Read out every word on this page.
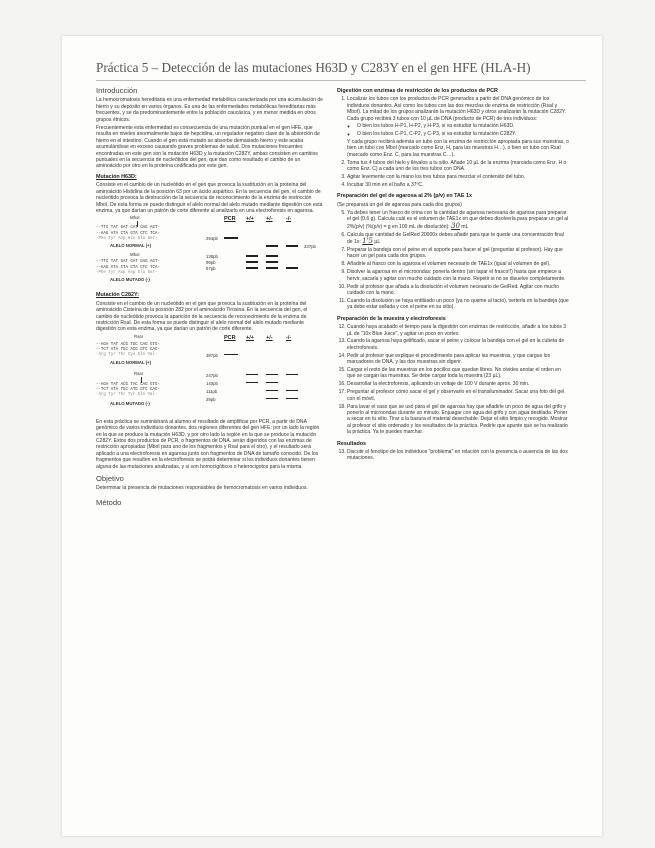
Práctica 5 – Detección de las mutaciones H63D y C283Y en el gen HFE (HLA-H)
Introducción

La hemocromatosis hereditaria es una enfermedad metabólica caracterizada por una acumulación de hierro y su depósito en varios órganos. Es una de las enfermedades metabólicas hereditarias más frecuentes, y se da predominantemente entre la población caucásica, y en menor medida en otros grupos étnicos.

Frecuentemente esta enfermedad es consecuencia de una mutación puntual en el gen HFE, que resulta en niveles anormalmente bajos de hepcidina, un regulador negativo clave de la absorción de hierro en el intestino. Cuando el gen está mutado se absorbe demasiado hierro y este acaba acumulándose en exceso causando graves problemas de salud. Dos mutaciones frecuentes encontradas en este gen son la mutación H63D y la mutación C282Y, ambas consisten en cambios puntuales en la secuencia de nucleótidos del gen, que dan como resultado el cambio de un aminoácido por otro en la proteína codificada por este gen.

Mutación H63D:

Consiste en el cambio de un nucleótido en el gen que provoca la sustitución en la proteína del aminoácido Histidina de la posición 63 por un ácido aspártico. En la secuencia del gen, el cambio de nucleótido provoca la destrucción de la secuencia de reconocimiento de la enzima de restricción MboI. De esta forma se puede distinguir el alelo normal del alelo mutado mediante digestión con esta enzima, ya que darían un patrón de corte diferente al analizarlo en una electroforesis en agarosa.

MboI
--TTC TAT GAT CAT GAG AGT-
--AAG ATA CTA GTA CTC TCA-
-Phe Tyr Asp His Glu Ser-
ALELO NORMAL (+)
MboI
--TTC TAT GAT GAT GAG AGT-
--AAG ATA CTA CTA CTC TCA-
-Phe Tyr Asp Asp Glu Ser-
ALELO MUTADO (-)
PCR +/+ +/- -/-
294pb
237pb
138pb
99pb
57pb
Mutación C282Y:

Consiste en el cambio de un nucleótido en el gen que provoca la sustitución en la proteína del aminoácido Cisteína de la posición 282 por el aminoácido Tirosina. En la secuencia del gen, el cambio de nucleótido provoca la aparición de la secuencia de reconocimiento de la enzima de restricción RsaI. De esta forma se puede distinguir el alelo normal del alelo mutado mediante digestión con esta enzima, ya que darían un patrón de corte diferente.

RsaI
--AGA TAT ACG TGC CAG GTG-
--TCT ATA TGC ACG GTC CAC-
-Arg Tyr Thr Cys Gln Val-
ALELO NORMAL (+)
RsaI
--AGA TAT ACG TAC CAG GTG-
--TCT ATA TGC ATG GTC CAC-
-Arg Tyr Thr Tyr Gln Val-
ALELO MUTADO (-)
PCR +/+ +/- -/-
387pb
247pb
140pb
111pb
29pb

En esta práctica se suministrará al alumno el resultado de amplificar por PCR, a partir de DNA genómico de varios individuos donantes, dos regiones diferentes del gen HFE: por un lado la región en la que se produce la mutación H63D, y por otro lado la región en la que se produce la mutación C282Y. Estos dos productos de PCR, o fragmentos de DNA, serán digeridos con las enzimas de restricción apropiadas (MboI para uno de los fragmentos y RsaI para el otro), y el resultado será aplicado a una electroforesis en agarosa junto con fragmentos de DNA de tamaño conocido. De los fragmentos que resulten en la electroforesis se podrá determinar si los individuos donantes tienen alguna de las mutaciones analizadas, y si son homocigóticos o heterocigotos para la misma.

Objetivo

Determinar la presencia de mutaciones responsables de hemocromatosis en varios individuos.

Método
Digestión con enzimas de restricción de los productos de PCR
1. Localizar los tubos con los productos de PCR generados a partir del DNA genómico de los individuos donantes. Así como los tubos con las dos mezclas de enzima de restricción (RsaI y MboI). La mitad de los grupos analizarán la mutación H63D y otros analizarán la mutación C282Y. Cada grupo recibirá 3 tubos con 10 µL de DNA (producto de PCR) de tres individuos:
◦ O bien los tubos H-P1, H-P2, y H-P3, si va estudiar la mutación H63D.
◦ O bien los tubos C-P1, C-P2, y C-P3, si va estudiar la mutación C282Y.
Y cada grupo recibirá además un tubo con la enzima de restricción apropiada para sus muestras, o bien un tubo con MboI (marcado como Enz. H, para las muestras H…), o bien un tubo con RsaI (marcado como Enz. C, para las muestras C…).
2. Toma tus 4 tubos del hielo y llévalos a tu sitio. Añade 10 µL de la enzima (marcada como Enz. H o como Enz. C) a cada uno de los tres tubos con DNA.
3. Agitar levemente con la mano los tres tubos para mezclar el contenido del tubo.
4. Incubar 30 min en el baño a 37ºC.
Preparación del gel de agarosa al 2% (p/v) en TAE 1x

(Se preparará un gel de agarosa para cada dos grupos)

5. Ya debes tener un frasco de orina con la cantidad de agarosa necesaria de agarosa para preparar el gel (0.6 g). Calcula cuál es el volumen de TAE1x en que debes disolverla para preparar un gel al 2%(p/v) (%(p/v) = g en 100 mL de disolución): 30 mL
6. Calcula que cantidad de GelRed 20000x debes añadir para que te quede una concentración final de 1x: 1'5 µL
7. Preparar la bandeja con el peine en el soporte para hacer el gel (preguntar al profesor). Hay que hacer un gel para cada dos grupos.
8. Añadirle al frasco con la agarosa el volumen necesario de TAE1x (igual al volumen de gel).
9. Disolver la agarosa en el microondas: ponerla dentro (sin tapar el frasco!!) hasta que empiece a hervir, sacarla y agitar con mucho cuidado con la mano. Repetir si no se disuelve completamente.
10. Pedir al profesor que añada a la disolución el volumen necesario de GelRed. Agitar con mucho cuidado con la mano.
11. Cuando la disolución se haya entibiado un poco (ya no queme al tacto), verterla en la bandeja (que ya debe estar sellada y con el peine en su sitio).
Preparación de la muestra y electroforesis
12. Cuando haya acabado el tiempo para la digestión con enzimas de restricción, añadir a los tubos 3 µL de "10x Blue Juice", y agitar un poco en vortex.
13. Cuando la agarosa haya gelificado, sacar el peine y colocar la bandeja con el gel en la cubeta de electroforesis.
14. Pedir al profesor que explique el procedimiento para aplicar las muestras, y que cargue los marcadores de DNA, y las dos muestras sin digerir.
15. Cargar el resto de las muestras en los pocillos que quedan libres. No olvides anotar el orden en que se cargan las muestras. Se debe cargar toda la muestra (23 µL).
16. Desarrollar la electroforesis, aplicando un voltaje de 100 V durante aprox. 30 min.
17. Preguntar al profesor cómo sacar el gel y observarlo en el transiluminador. Sacar una foto del gel con el móvil.
18. Para lavar el vaso que se usó para el gel de agarosa hay que añadirle un poco de agua del grifo y ponerlo al microondas durante un minuto. Enjuagar con agua del grifo y con agua destilada. Poner a secar en tu sitio. Tirar a la basura el material desechable. Dejar el sitio limpio y recogido. Mostrar al profesor el sitio ordenado y los resultados de la práctica. Pedirle que apunte que se ha realizado la práctica. Ya te puedes marchar.
Resultados
13. Discutir el fenotipo de los individuos "problema" en relación con la presencia o ausencia de las dos mutaciones.
